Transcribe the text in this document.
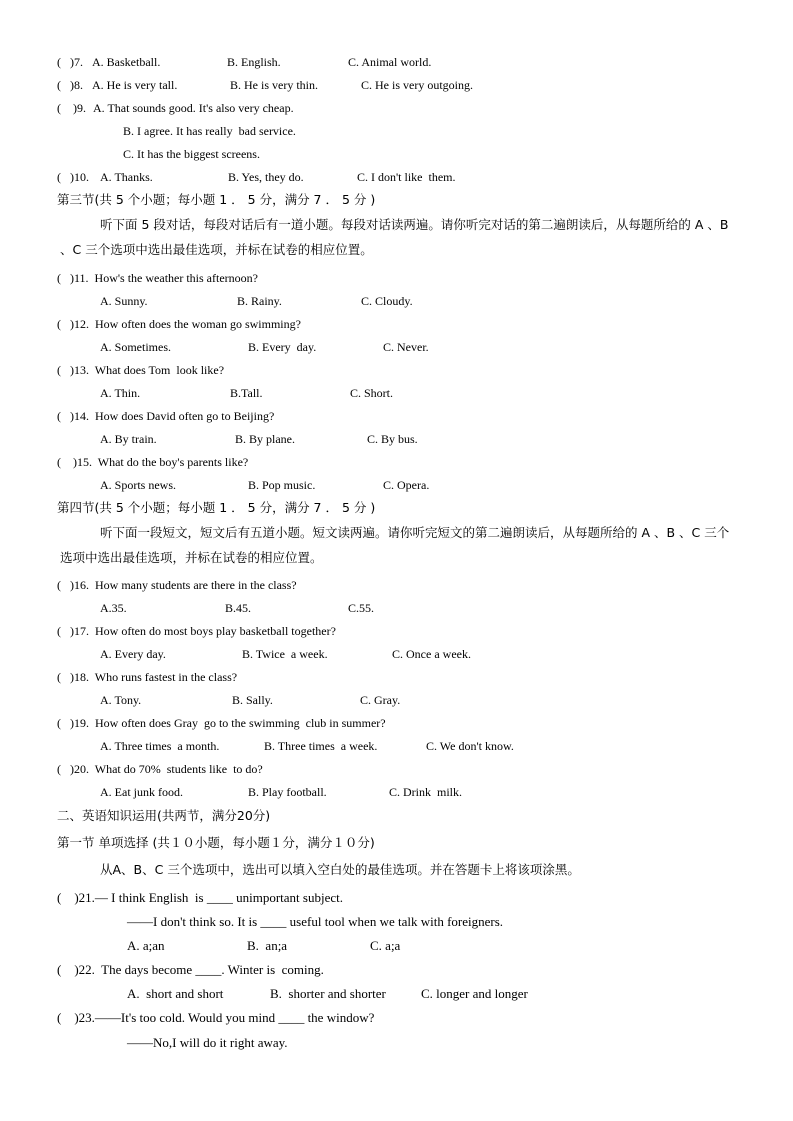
(   )7. A. Basketball.	B. English.	C. Animal world.
(   )8. A. He is very tall.	B. He is very thin.	C. He is very outgoing.
(    )9. A. That sounds good. It's also very cheap.
B. I agree. It has really  bad service.
C. It has the biggest screens.
(   )10. A. Thanks.	B. Yes, they do.	C. I don't like  them.
第三节(共 5 个小题；每小题 1 ． 5 分，满分 7 ． 5 分 )
听下面 5 段对话，每段对话后有一道小题。每段对话读两遍。请你听完对话的第二遍朗读后，从每题所给的 A 、B 、C 三个选项中选出最佳选项，并标在试卷的相应位置。
(   )11.  How's the weather this afternoon?
A. Sunny.	B. Rainy.	C. Cloudy.
(   )12.  How often does the woman go swimming?
A. Sometimes.	B. Every  day.	C. Never.
(   )13.  What does Tom  look like?
A. Thin.	B.Tall.	C. Short.
(   )14.  How does David often go to Beijing?
A. By train.	B. By plane.	C. By bus.
(    )15.  What do the boy's parents like?
A. Sports news.	B. Pop music.	C. Opera.
第四节(共 5 个小题；每小题 1 ． 5 分，满分 7 ． 5 分 )
听下面一段短文，短文后有五道小题。短文读两遍。请你听完短文的第二遍朗读后，从每题所给的 A 、B 、C 三个选项中选出最佳选项，并标在试卷的相应位置。
(   )16.  How many students are there in the class?
A.35.	B.45.	C.55.
(   )17.  How often do most boys play basketball together?
A. Every day.	B. Twice  a week.	C. Once a week.
(   )18.  Who runs fastest in the class?
A. Tony.	B. Sally.	C. Gray.
(   )19.  How often does Gray  go to the swimming  club in summer?
A. Three times  a month.	B. Three times  a week.	C. We don't know.
(   )20.  What do 70%  students like  to do?
A. Eat junk food.	B. Play football.	C. Drink  milk.
二、英语知识运用(共两节，满分20分)
第一节 单项选择 (共１０小题，每小题１分，满分１０分)
从A、B、C 三个选项中，选出可以填入空白处的最佳选项。并在答题卡上将该项涂黑。
(    )21.— I think English  is ____ unimportant subject.
——I don't think so. It is ____ useful tool when we talk with foreigners.
A. a;an	B.  an;a	C. a;a
(    )22.  The days become ____. Winter is  coming.
A.  short and short	B.  shorter and shorter	C. longer and longer
(    )23.——It's too cold. Would you mind ____ the window?
——No,I will do it right away.
